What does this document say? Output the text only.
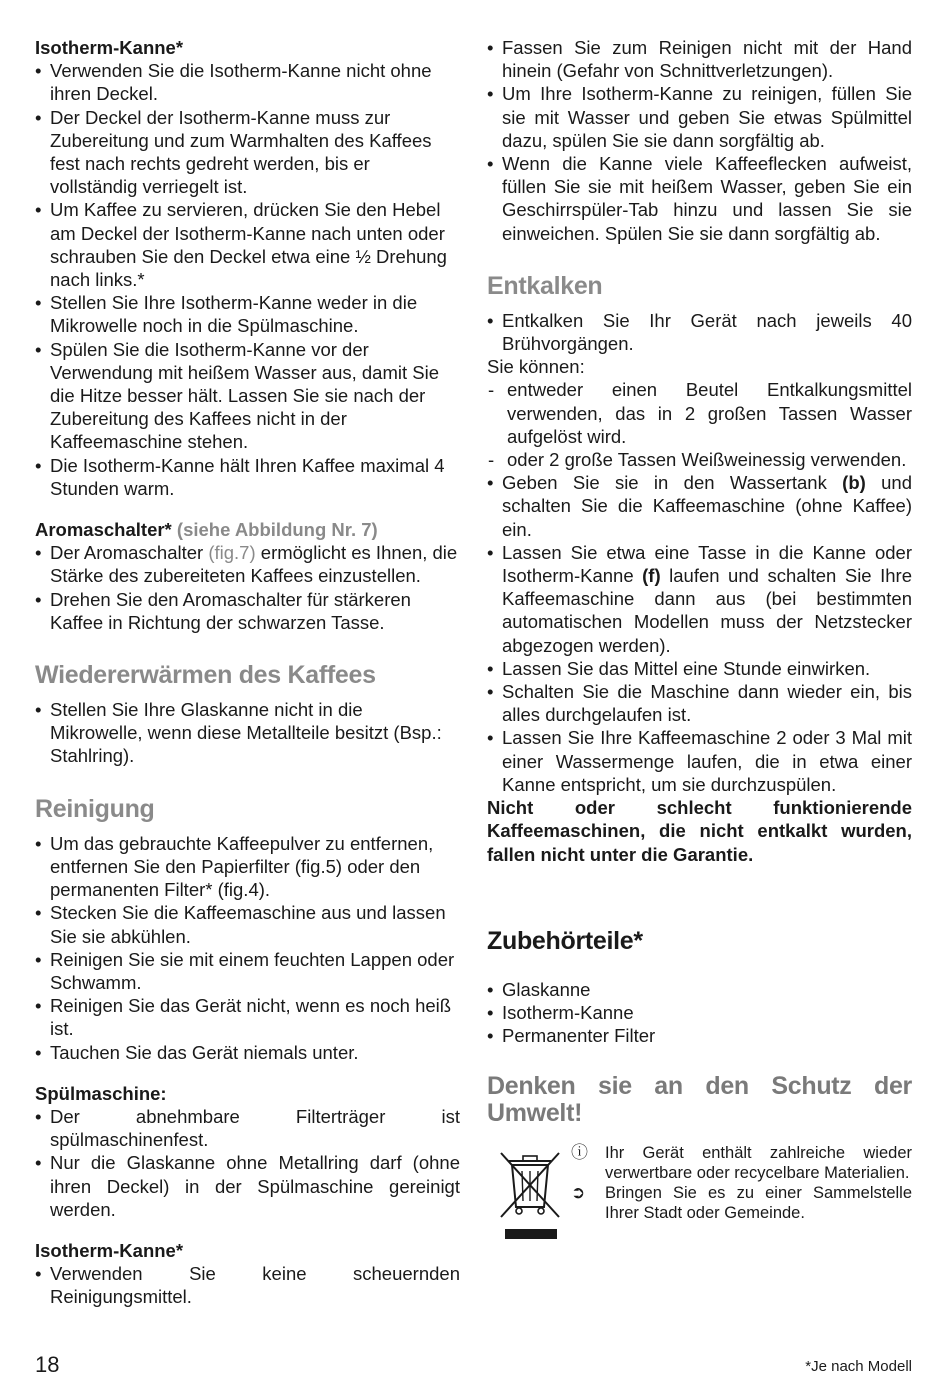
Isotherm-Kanne*

• Verwenden Sie die Isotherm-Kanne nicht ohne ihren Deckel.
• Der Deckel der Isotherm-Kanne muss zur Zubereitung und zum Warmhalten des Kaffees fest nach rechts gedreht werden, bis er vollständig verriegelt ist.
• Um Kaffee zu servieren, drücken Sie den Hebel am Deckel der Isotherm-Kanne nach unten oder schrauben Sie den Deckel etwa eine ½ Drehung nach links.*
• Stellen Sie Ihre Isotherm-Kanne weder in die Mikrowelle noch in die Spülmaschine.
• Spülen Sie die Isotherm-Kanne vor der Verwendung mit heißem Wasser aus, damit Sie die Hitze besser hält. Lassen Sie sie nach der Zubereitung des Kaffees nicht in der Kaffeemaschine stehen.
• Die Isotherm-Kanne hält Ihren Kaffee maximal 4 Stunden warm.

Aromaschalter* (siehe Abbildung Nr. 7)

• Der Aromaschalter (fig.7) ermöglicht es Ihnen, die Stärke des zubereiteten Kaffees einzustellen.
• Drehen Sie den Aromaschalter für stärkeren Kaffee in Richtung der schwarzen Tasse.
Wiedererwärmen des Kaffees
• Stellen Sie Ihre Glaskanne nicht in die Mikrowelle, wenn diese Metallteile besitzt (Bsp.: Stahlring).
Reinigung
• Um das gebrauchte Kaffeepulver zu entfernen, entfernen Sie den Papierfilter (fig.5) oder den permanenten Filter* (fig.4).
• Stecken Sie die Kaffeemaschine aus und lassen Sie sie abkühlen.
• Reinigen Sie sie mit einem feuchten Lappen oder Schwamm.
• Reinigen Sie das Gerät nicht, wenn es noch heiß ist.
• Tauchen Sie das Gerät niemals unter.

Spülmaschine:

• Der abnehmbare Filterträger ist spülmaschinenfest.
• Nur die Glaskanne ohne Metallring darf (ohne ihren Deckel) in der Spülmaschine gereinigt werden.

Isotherm-Kanne*

• Verwenden Sie keine scheuernden Reinigungsmittel.
• Fassen Sie zum Reinigen nicht mit der Hand hinein (Gefahr von Schnittverletzungen).
• Um Ihre Isotherm-Kanne zu reinigen, füllen Sie sie mit Wasser und geben Sie etwas Spülmittel dazu, spülen Sie sie dann sorgfältig ab.
• Wenn die Kanne viele Kaffeeflecken aufweist, füllen Sie sie mit heißem Wasser, geben Sie ein Geschirrspüler-Tab hinzu und lassen Sie sie einweichen. Spülen Sie sie dann sorgfältig ab.
Entkalken
• Entkalken Sie Ihr Gerät nach jeweils 40 Brühvorgängen.

Sie können:

- entweder einen Beutel Entkalkungsmittel verwenden, das in 2 großen Tassen Wasser aufgelöst wird.
- oder 2 große Tassen Weißweinessig verwenden.
• Geben Sie sie in den Wassertank (b) und schalten Sie die Kaffeemaschine (ohne Kaffee) ein.
• Lassen Sie etwa eine Tasse in die Kanne oder Isotherm-Kanne (f) laufen und schalten Sie Ihre Kaffeemaschine dann aus (bei bestimmten automatischen Modellen muss der Netzstecker abgezogen werden).
• Lassen Sie das Mittel eine Stunde einwirken.
• Schalten Sie die Maschine dann wieder ein, bis alles durchgelaufen ist.
• Lassen Sie Ihre Kaffeemaschine 2 oder 3 Mal mit einer Wassermenge laufen, die in etwa einer Kanne entspricht, um sie durchzuspülen.

Nicht oder schlecht funktionierende Kaffeemaschinen, die nicht entkalkt wurden, fallen nicht unter die Garantie.

Zubehörteile*
• Glaskanne
• Isotherm-Kanne
• Permanenter Filter
Denken sie an den Schutz der Umwelt!
ⓘ Ihr Gerät enthält zahlreiche wieder verwertbare oder recycelbare Materialien.
➲ Bringen Sie es zu einer Sammelstelle Ihrer Stadt oder Gemeinde.
18	*Je nach Modell
